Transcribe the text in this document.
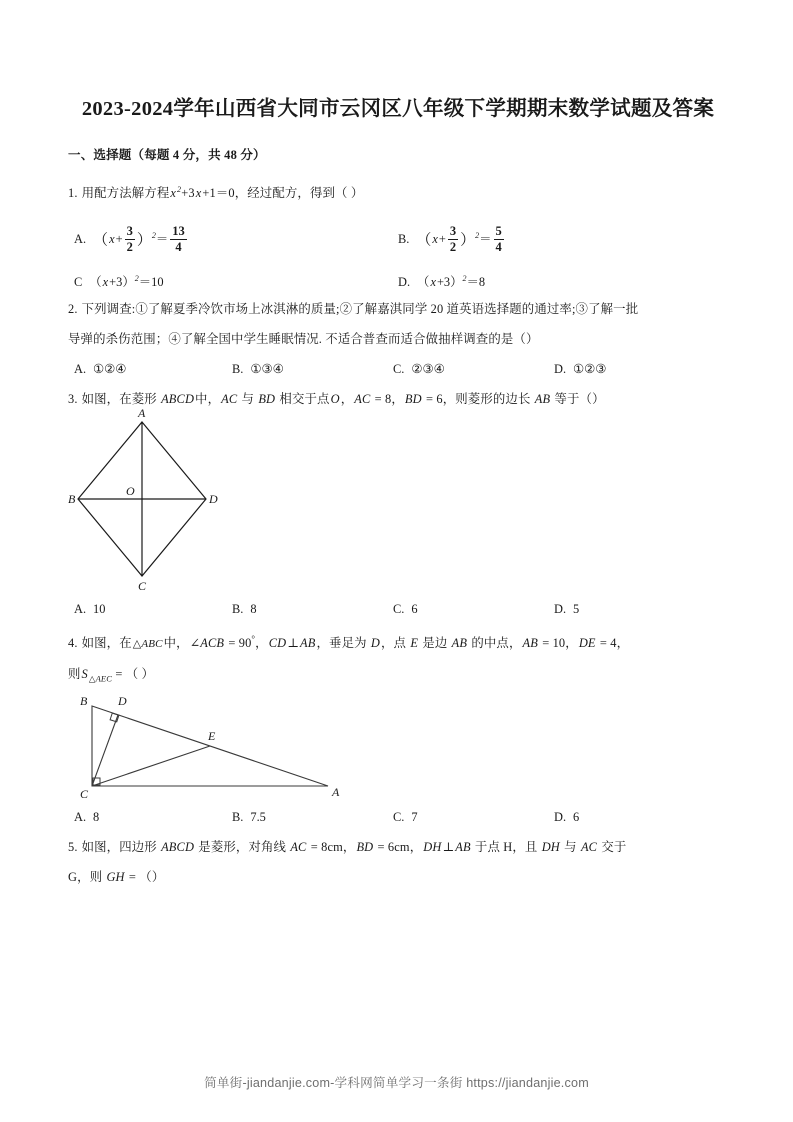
2023-2024学年山西省大同市云冈区八年级下学期期末数学试题及答案
一、选择题（每题 4 分，共 48 分）
1. 用配方法解方程$x^2+3x+1=0$，经过配方，得到（ ）
A. $(x+ \frac{3}{2} )^2= \frac{13}{4}$	B. $(x+ \frac{3}{2} )^2= \frac{5}{4}$
C $(x+3)^2=10$	D. $(x+3)^2=8$
2. 下列调查:①了解夏季冷饮市场上冰淇淋的质量;②了解嘉淇同学 20 道英语选择题的通过率;③了解一批
导弹的杀伤范围；④了解全国中学生睡眠情况. 不适合普查而适合做抽样调查的是（）
A. ①②④	B. ①③④	C. ②③④	D. ①②③
3. 如图，在菱形 ABCD中，AC 与 BD 相交于点O，AC = 8，BD = 6，则菱形的边长 AB 等于（）
A
B
C
D
O
A. 10	B. 8	C. 6	D. 5
4. 如图，在△ABC中，∠ACB = 90°，CD⊥AB，垂足为 D，点 E 是边 AB 的中点，AB = 10，DE = 4，
则$S_{\triangle AEC}$ = （ ）
B
C	A
D
E
A. 8	B. 7.5	C. 7	D. 6
5. 如图，四边形 ABCD 是菱形，对角线 AC = 8cm，BD = 6cm，DH⊥AB 于点 H，且 DH 与 AC 交于
G，则 GH = （）
简单街-jiandanjie.com-学科网简单学习一条街 https://jiandanjie.com
